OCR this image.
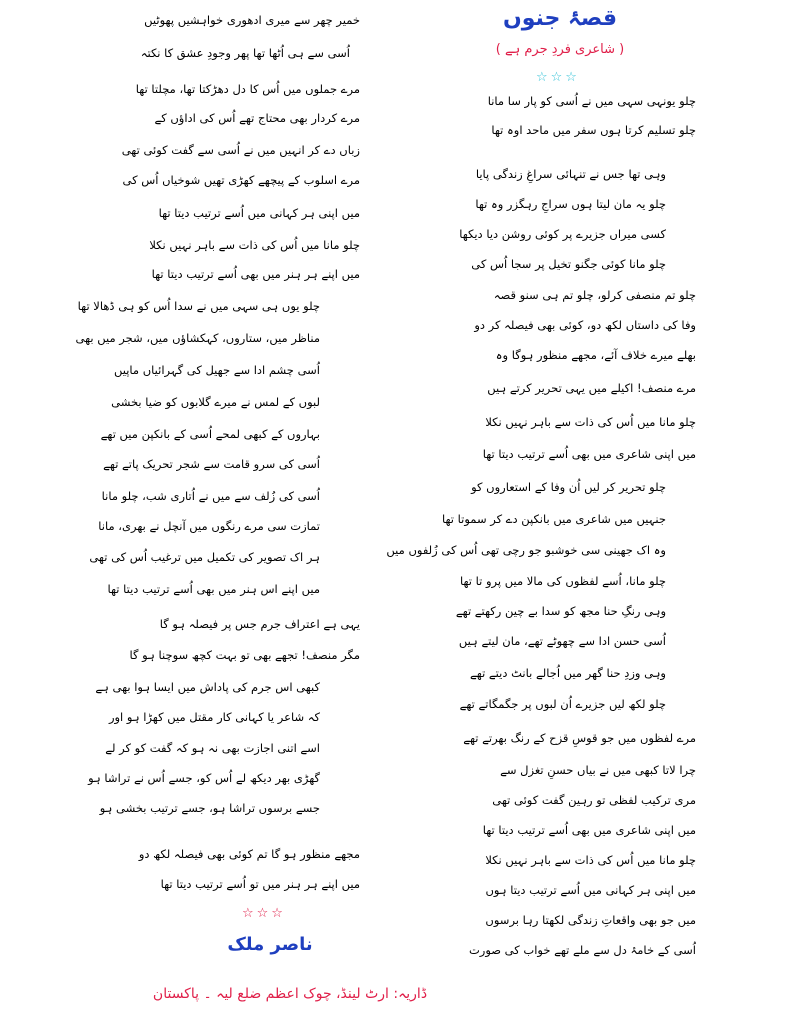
قصۂ جنوں
( شاعری فردِ جرم ہے )
☆☆☆
چلو یونہی سہی میں نے اُسی کو پار سا مانا
چلو تسلیم کرتا ہوں سفر میں ماحد اوہ تھا
وہی تھا جس نے تنہائی سراغِ زندگی پایا
چلو یہ مان لیتا ہوں سراجِ رہگزر وہ تھا
کسی میراں جزیرے پر کوئی روشن دیا دیکھا
چلو مانا کوئی جگنو تخیل پر سجا اُس کی
چلو تم منصفی کرلو، چلو تم ہی سنو قصہ
وفا کی داستاں لکھ دو، کوئی بھی فیصلہ کر دو
بھلے میرے خلاف آئے، مجھے منظور ہوگا وہ
مرے منصف! اکیلے میں یہی تحریر کرتے ہیں
چلو مانا میں اُس کی ذات سے باہر نہیں نکلا
میں اپنی شاعری میں بھی اُسے ترتیب دیتا تھا
چلو تحریر کر لیں اُن وفا کے استعاروں کو
جنہیں میں شاعری میں بانکپن دے کر سموتا تھا
وہ اک جھینی سی خوشبو جو رچی تھی اُس کی زُلفوں میں
چلو مانا، اُسے لفظوں کی مالا میں پرو تا تھا
وہی رنگِ حنا مجھ کو سدا بے چین رکھتے تھے
اُسی حسن ادا سے چھوٹے تھے، مان لیتے ہیں
وہی وزدِ حنا گھر میں اُجالے بانٹ دیتے تھے
چلو لکھ لیں جزیرے اُن لبوں پر جگمگاتے تھے
مرے لفظوں میں جو قوسِ قزح کے رنگ بھرتے تھے
چرا لاتا کبھی میں نے بیاں حسنِ تغزل سے
مری ترکیب لفظی تو رہین گفت کوئی تھی
میں اپنی شاعری میں بھی اُسے ترتیب دیتا تھا
چلو مانا میں اُس کی ذات سے باہر نہیں نکلا
میں اپنی ہر کہانی میں اُسے ترتیب دیتا ہوں
میں جو بھی واقعاتِ زندگی لکھتا رہا برسوں
اُسی کے خامۂ دل سے ملے تھے خواب کی صورت
خمیر چھر سے میری ادھوری خواہشیں پھوٹیں
اُسی سے ہی اُٹھا تھا پھر وجودِ عشق کا نکتہ
مرے جملوں میں اُس کا دل دھڑکتا تھا، مچلتا تھا
مرے کردار بھی محتاج تھے اُس کی اداؤں کے
زباں دے کر انہیں میں نے اُسی سے گفت کوئی تھی
مرے اسلوب کے پیچھے کھڑی تھیں شوخیاں اُس کی
میں اپنی ہر کہانی میں اُسے ترتیب دیتا تھا
چلو مانا میں اُس کی ذات سے باہر نہیں نکلا
میں اپنے ہر ہنر میں بھی اُسے ترتیب دیتا تھا
چلو یوں ہی سہی میں نے سدا اُس کو ہی ڈھالا تھا
مناظر میں، ستاروں، کہکشاؤں میں، شجر میں بھی
اُسی چشم ادا سے جھیل کی گہرائیاں ماپیں
لبوں کے لمس نے میرے گلابوں کو ضیا بخشی
بہاروں کے کبھی لمحے اُسی کے بانکپن میں تھے
اُسی کی سرو قامت سے شجر تحریک پاتے تھے
اُسی کی زُلف سے میں نے اُتاری شب، چلو مانا
تمازت سی مرے رنگوں میں آنچل نے بھری، مانا
ہر اک تصویر کی تکمیل میں ترغیب اُس کی تھی
میں اپنے اس ہنر میں بھی اُسے ترتیب دیتا تھا
یہی ہے اعتراف جرم جس پر فیصلہ ہو گا
مگر منصف! تجھے بھی تو بہت کچھ سوچنا ہو گا
کبھی اس جرم کی پاداش میں ایسا ہوا بھی ہے
کہ شاعر یا کہانی کار مقتل میں کھڑا ہو اور
اسے اتنی اجازت بھی نہ ہو کہ گفت کو کر لے
گھڑی بھر دیکھ لے اُس کو، جسے اُس نے تراشا ہو
جسے برسوں تراشا ہو، جسے ترتیب بخشی ہو
مجھے منظور ہو گا تم کوئی بھی فیصلہ لکھ دو
میں اپنے ہر ہنر میں تو اُسے ترتیب دیتا تھا
☆☆☆
ناصر ملک
ڈاریہ: ارٹ لینڈ، چوک اعظم ضلع لیہ ۔ پاکستان
